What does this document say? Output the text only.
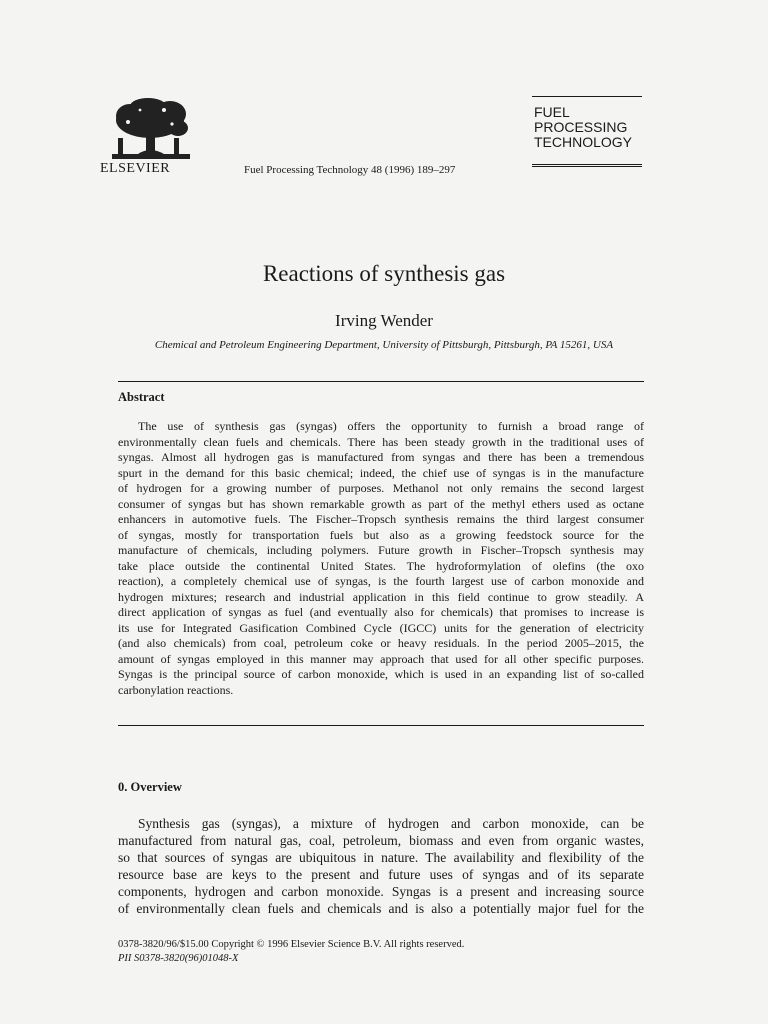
ELSEVIER	Fuel Processing Technology 48 (1996) 189–297
FUEL
PROCESSING
TECHNOLOGY
Reactions of synthesis gas
Irving Wender
Chemical and Petroleum Engineering Department, University of Pittsburgh, Pittsburgh, PA 15261, USA
Abstract
The use of synthesis gas (syngas) offers the opportunity to furnish a broad range of
environmentally clean fuels and chemicals. There has been steady growth in the traditional uses of
syngas. Almost all hydrogen gas is manufactured from syngas and there has been a tremendous
spurt in the demand for this basic chemical; indeed, the chief use of syngas is in the manufacture
of hydrogen for a growing number of purposes. Methanol not only remains the second largest
consumer of syngas but has shown remarkable growth as part of the methyl ethers used as octane
enhancers in automotive fuels. The Fischer–Tropsch synthesis remains the third largest consumer
of syngas, mostly for transportation fuels but also as a growing feedstock source for the
manufacture of chemicals, including polymers. Future growth in Fischer–Tropsch synthesis may
take place outside the continental United States. The hydroformylation of olefins (the oxo
reaction), a completely chemical use of syngas, is the fourth largest use of carbon monoxide and
hydrogen mixtures; research and industrial application in this field continue to grow steadily. A
direct application of syngas as fuel (and eventually also for chemicals) that promises to increase is
its use for Integrated Gasification Combined Cycle (IGCC) units for the generation of electricity
(and also chemicals) from coal, petroleum coke or heavy residuals. In the period 2005–2015, the
amount of syngas employed in this manner may approach that used for all other specific purposes.
Syngas is the principal source of carbon monoxide, which is used in an expanding list of so-called
carbonylation reactions.
0. Overview
Synthesis gas (syngas), a mixture of hydrogen and carbon monoxide, can be
manufactured from natural gas, coal, petroleum, biomass and even from organic wastes,
so that sources of syngas are ubiquitous in nature. The availability and flexibility of the
resource base are keys to the present and future uses of syngas and of its separate
components, hydrogen and carbon monoxide. Syngas is a present and increasing source
of environmentally clean fuels and chemicals and is also a potentially major fuel for the
0378-3820/96/$15.00 Copyright © 1996 Elsevier Science B.V. All rights reserved.
PII S0378-3820(96)01048-X
